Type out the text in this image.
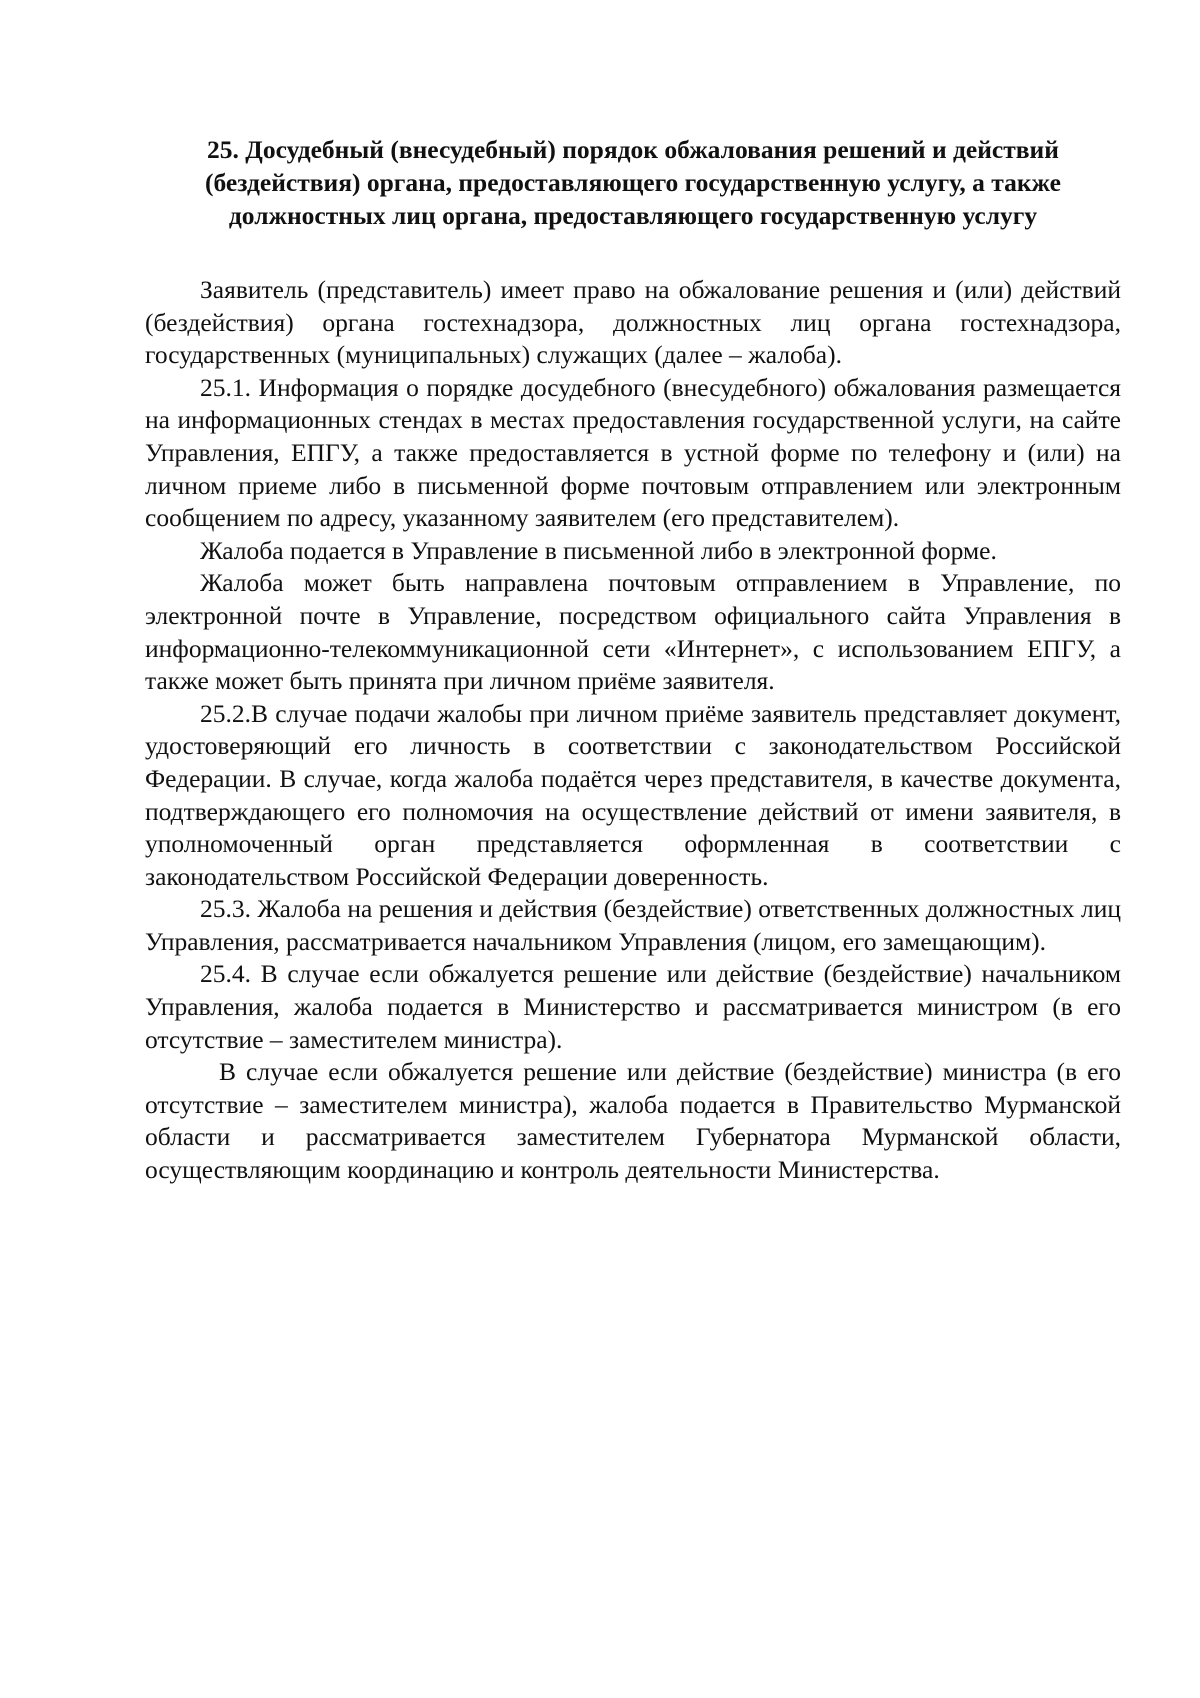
25. Досудебный (внесудебный) порядок обжалования решений и действий (бездействия) органа, предоставляющего государственную услугу, а также должностных лиц органа, предоставляющего государственную услугу

Заявитель (представитель) имеет право на обжалование решения и (или) действий (бездействия) органа гостехнадзора, должностных лиц органа гостехнадзора, государственных (муниципальных) служащих (далее – жалоба).

25.1. Информация о порядке досудебного (внесудебного) обжалования размещается на информационных стендах в местах предоставления государственной услуги, на сайте Управления, ЕПГУ, а также предоставляется в устной форме по телефону и (или) на личном приеме либо в письменной форме почтовым отправлением или электронным сообщением по адресу, указанному заявителем (его представителем).

Жалоба подается в Управление в письменной либо в электронной форме.

Жалоба может быть направлена почтовым отправлением в Управление, по электронной почте в Управление, посредством официального сайта Управления в информационно-телекоммуникационной сети «Интернет», с использованием ЕПГУ, а также может быть принята при личном приёме заявителя.

25.2.В случае подачи жалобы при личном приёме заявитель представляет документ, удостоверяющий его личность в соответствии с законодательством Российской Федерации. В случае, когда жалоба подаётся через представителя, в качестве документа, подтверждающего его полномочия на осуществление действий от имени заявителя, в уполномоченный орган представляется оформленная в соответствии с законодательством Российской Федерации доверенность.

25.3. Жалоба на решения и действия (бездействие) ответственных должностных лиц Управления, рассматривается начальником Управления (лицом, его замещающим).

25.4. В случае если обжалуется решение или действие (бездействие) начальником Управления, жалоба подается в Министерство и рассматривается министром (в его отсутствие – заместителем министра).

В случае если обжалуется решение или действие (бездействие) министра (в его отсутствие – заместителем министра), жалоба подается в Правительство Мурманской области и рассматривается заместителем Губернатора Мурманской области, осуществляющим координацию и контроль деятельности Министерства.
